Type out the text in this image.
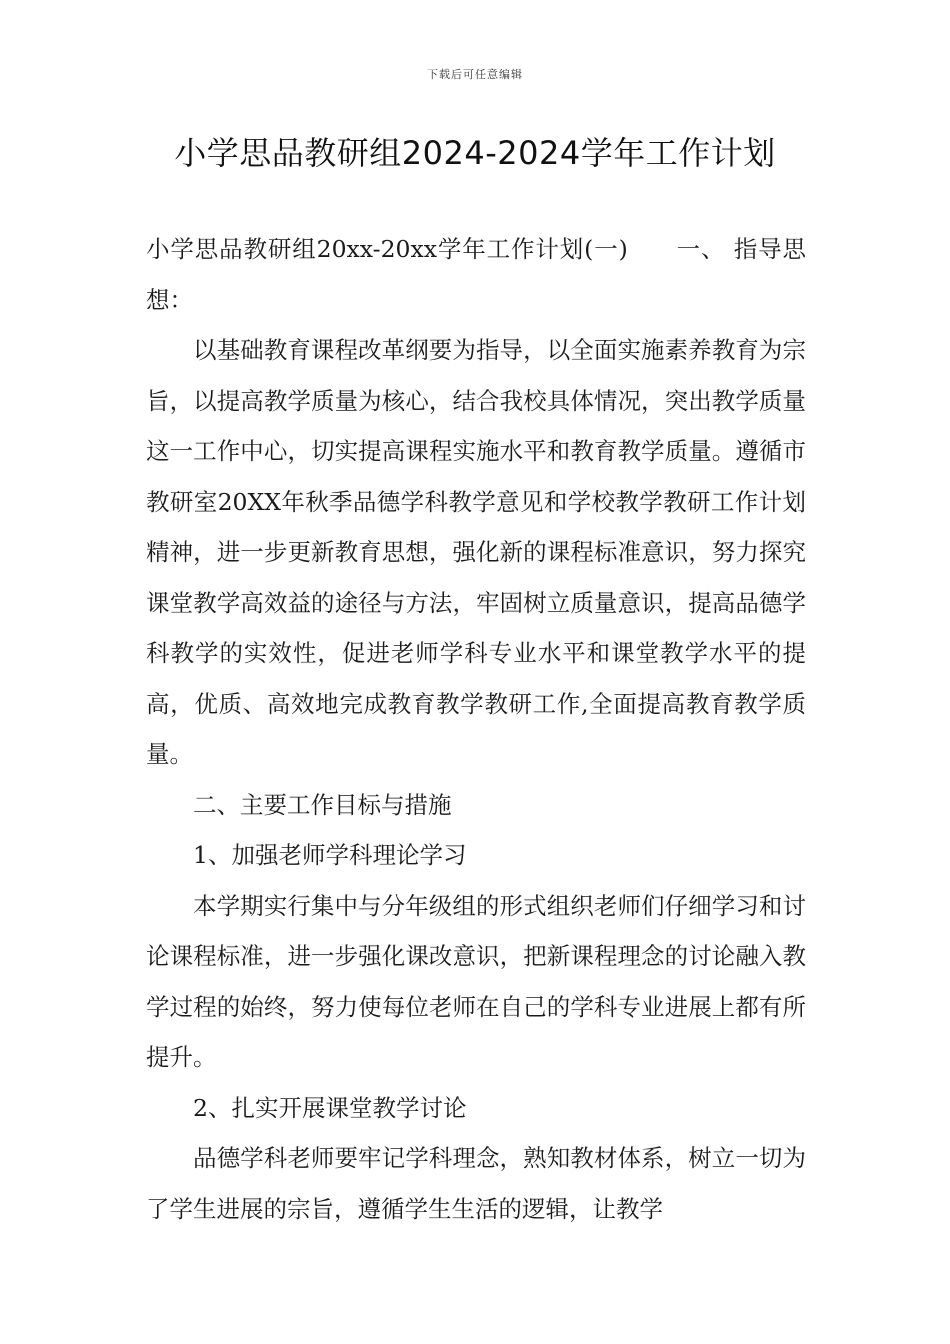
下载后可任意编辑
小学思品教研组2024-2024学年工作计划

小学思品教研组20xx-20xx学年工作计划(一) 一、 指导思想：

以基础教育课程改革纲要为指导，以全面实施素养教育为宗旨，以提高教学质量为核心，结合我校具体情况，突出教学质量这一工作中心，切实提高课程实施水平和教育教学质量。遵循市教研室20XX年秋季品德学科教学意见和学校教学教研工作计划精神，进一步更新教育思想，强化新的课程标准意识，努力探究课堂教学高效益的途径与方法，牢固树立质量意识，提高品德学科教学的实效性，促进老师学科专业水平和课堂教学水平的提高，优质、高效地完成教育教学教研工作,全面提高教育教学质量。

二、主要工作目标与措施

1、加强老师学科理论学习

本学期实行集中与分年级组的形式组织老师们仔细学习和讨论课程标准，进一步强化课改意识，把新课程理念的讨论融入教学过程的始终，努力使每位老师在自己的学科专业进展上都有所提升。

2、扎实开展课堂教学讨论

品德学科老师要牢记学科理念，熟知教材体系，树立一切为了学生进展的宗旨，遵循学生生活的逻辑，让教学
